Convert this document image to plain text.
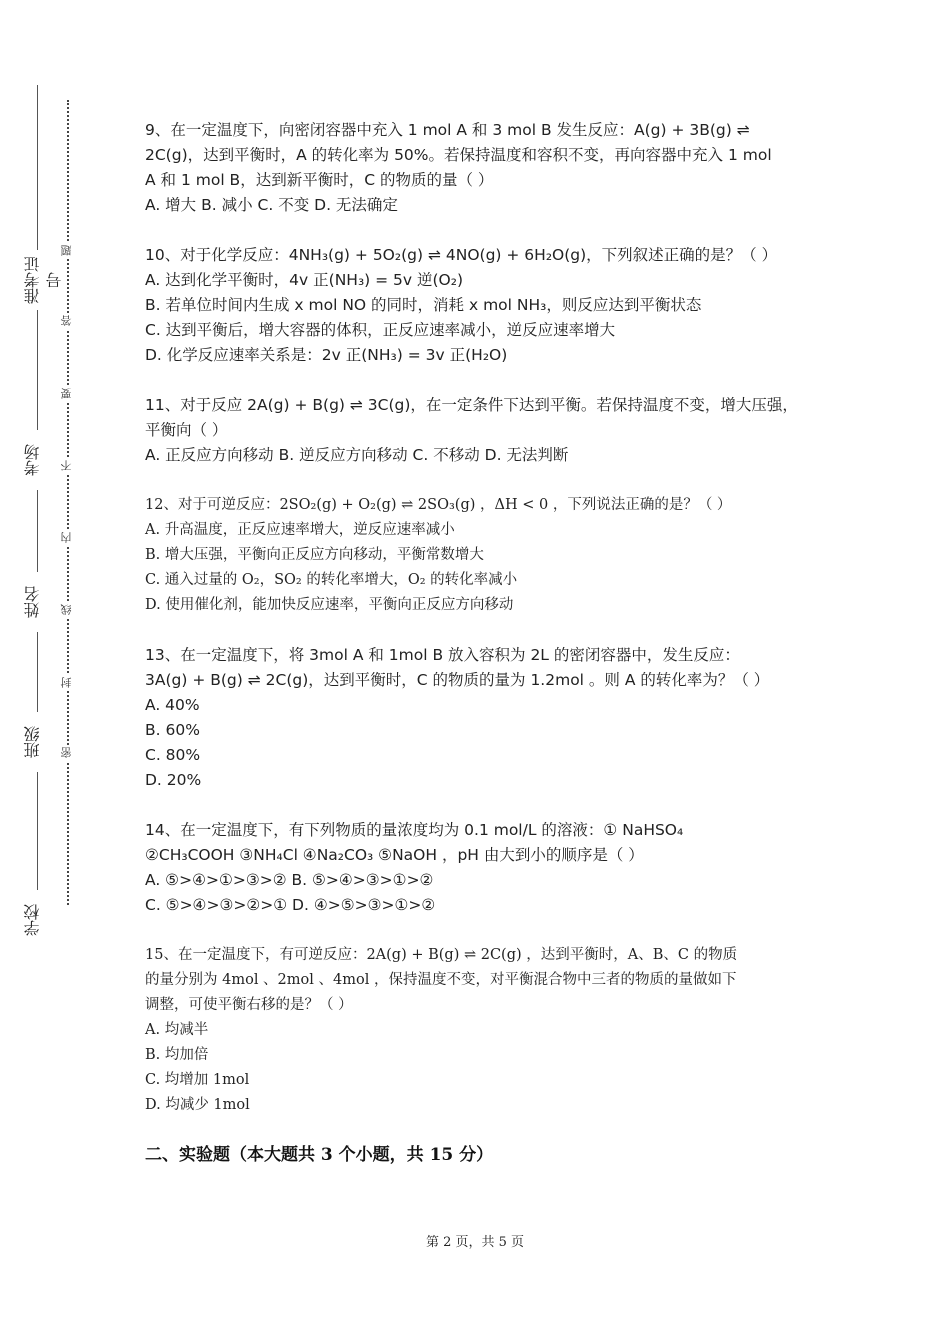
准考证号
考场
姓名
班级
学校
题
答
要
不
内
线
封
密

9、在一定温度下，向密闭容器中充入 1 mol A 和 3 mol B 发生反应：A(g) + 3B(g) ⇌

2C(g)，达到平衡时，A 的转化率为 50%。若保持温度和容积不变，再向容器中充入 1 mol

A 和 1 mol B，达到新平衡时，C 的物质的量（ ）

A. 增大 B. 减小 C. 不变 D. 无法确定

10、对于化学反应：4NH₃(g) + 5O₂(g) ⇌ 4NO(g) + 6H₂O(g)，下列叙述正确的是？（ ）

A. 达到化学平衡时，4v 正(NH₃) = 5v 逆(O₂)

B. 若单位时间内生成 x mol NO 的同时，消耗 x mol NH₃，则反应达到平衡状态

C. 达到平衡后，增大容器的体积，正反应速率减小，逆反应速率增大

D. 化学反应速率关系是：2v 正(NH₃) = 3v 正(H₂O)

11、对于反应 2A(g) + B(g) ⇌ 3C(g)，在一定条件下达到平衡。若保持温度不变，增大压强，

平衡向（ ）

A. 正反应方向移动 B. 逆反应方向移动 C. 不移动 D. 无法判断

12、对于可逆反应：2SO₂(g) + O₂(g) ⇌ 2SO₃(g) ，ΔH < 0 ，下列说法正确的是？（ ）

A. 升高温度，正反应速率增大，逆反应速率减小

B. 增大压强，平衡向正反应方向移动，平衡常数增大

C. 通入过量的 O₂，SO₂ 的转化率增大，O₂ 的转化率减小

D. 使用催化剂，能加快反应速率，平衡向正反应方向移动

13、在一定温度下，将 3mol A 和 1mol B 放入容积为 2L 的密闭容器中，发生反应：

3A(g) + B(g) ⇌ 2C(g)，达到平衡时，C 的物质的量为 1.2mol 。则 A 的转化率为？（ ）

A. 40%

B. 60%

C. 80%

D. 20%

14、在一定温度下，有下列物质的量浓度均为 0.1 mol/L 的溶液：① NaHSO₄

②CH₃COOH ③NH₄Cl ④Na₂CO₃ ⑤NaOH ，pH 由大到小的顺序是（ ）

A. ⑤>④>①>③>② B. ⑤>④>③>①>②

C. ⑤>④>③>②>① D. ④>⑤>③>①>②

15、在一定温度下，有可逆反应：2A(g) + B(g) ⇌ 2C(g) ，达到平衡时，A、B、C 的物质

的量分别为 4mol 、2mol 、4mol ，保持温度不变，对平衡混合物中三者的物质的量做如下

调整，可使平衡右移的是？（ ）

A. 均减半

B. 均加倍

C. 均增加 1mol

D. 均减少 1mol

二、实验题（本大题共 3 个小题，共 15 分）
第 2 页，共 5 页
